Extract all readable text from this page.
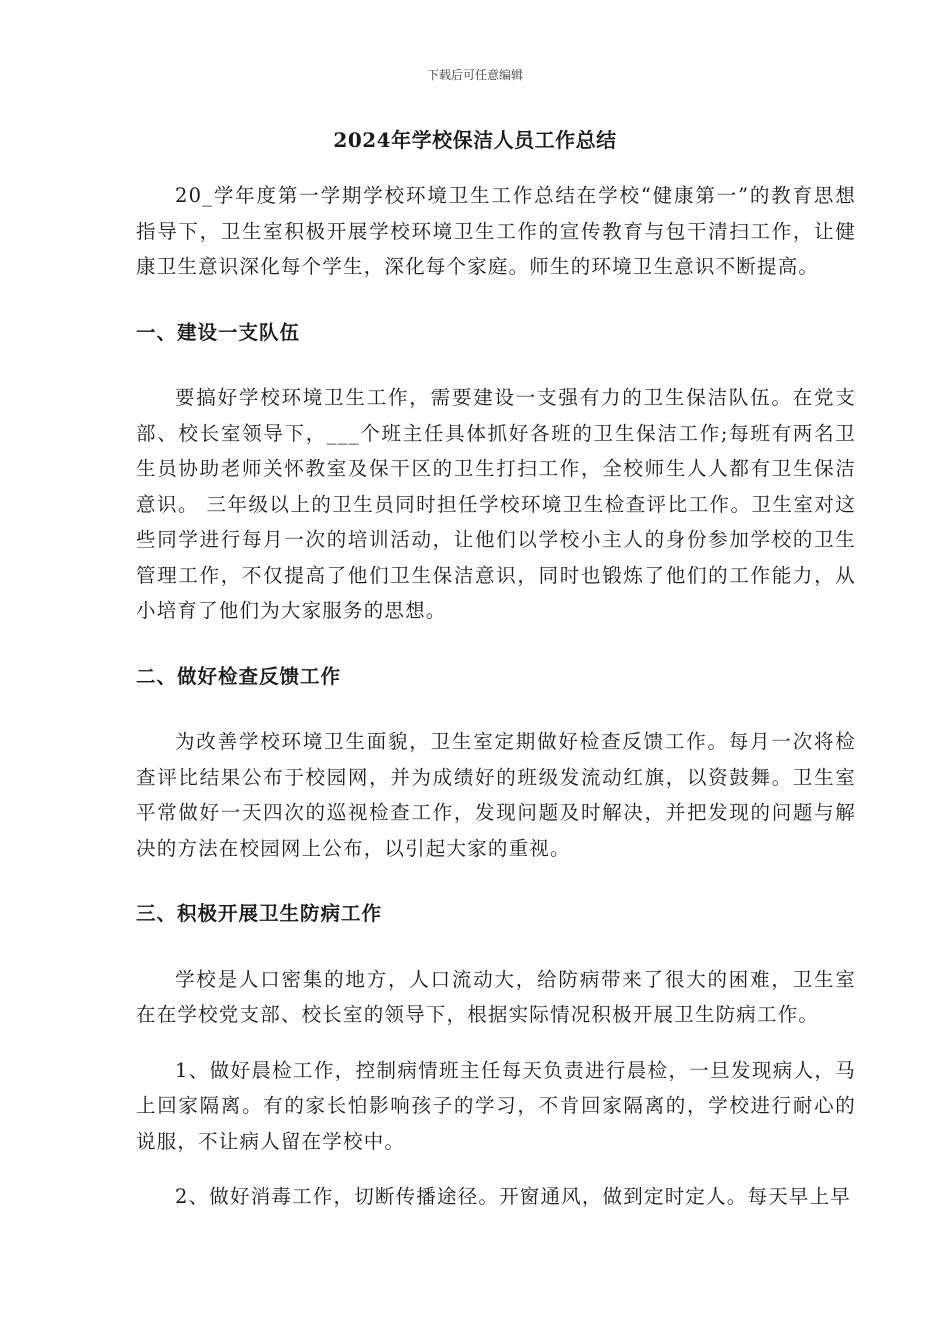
下载后可任意编辑
2024年学校保洁人员工作总结

20_学年度第一学期学校环境卫生工作总结在学校“健康第一”的教育思想指导下，卫生室积极开展学校环境卫生工作的宣传教育与包干清扫工作，让健康卫生意识深化每个学生，深化每个家庭。师生的环境卫生意识不断提高。

一、建设一支队伍

要搞好学校环境卫生工作，需要建设一支强有力的卫生保洁队伍。在党支部、校长室领导下，___个班主任具体抓好各班的卫生保洁工作;每班有两名卫生员协助老师关怀教室及保干区的卫生打扫工作，全校师生人人都有卫生保洁意识。 三年级以上的卫生员同时担任学校环境卫生检查评比工作。卫生室对这些同学进行每月一次的培训活动，让他们以学校小主人的身份参加学校的卫生管理工作，不仅提高了他们卫生保洁意识，同时也锻炼了他们的工作能力，从小培育了他们为大家服务的思想。

二、做好检查反馈工作

为改善学校环境卫生面貌，卫生室定期做好检查反馈工作。每月一次将检查评比结果公布于校园网，并为成绩好的班级发流动红旗，以资鼓舞。卫生室平常做好一天四次的巡视检查工作，发现问题及时解决，并把发现的问题与解决的方法在校园网上公布，以引起大家的重视。

三、积极开展卫生防病工作

学校是人口密集的地方，人口流动大，给防病带来了很大的困难，卫生室在在学校党支部、校长室的领导下，根据实际情况积极开展卫生防病工作。

1、做好晨检工作，控制病情班主任每天负责进行晨检，一旦发现病人，马上回家隔离。有的家长怕影响孩子的学习，不肯回家隔离的，学校进行耐心的说服，不让病人留在学校中。

2、做好消毒工作，切断传播途径。开窗通风，做到定时定人。每天早上早
